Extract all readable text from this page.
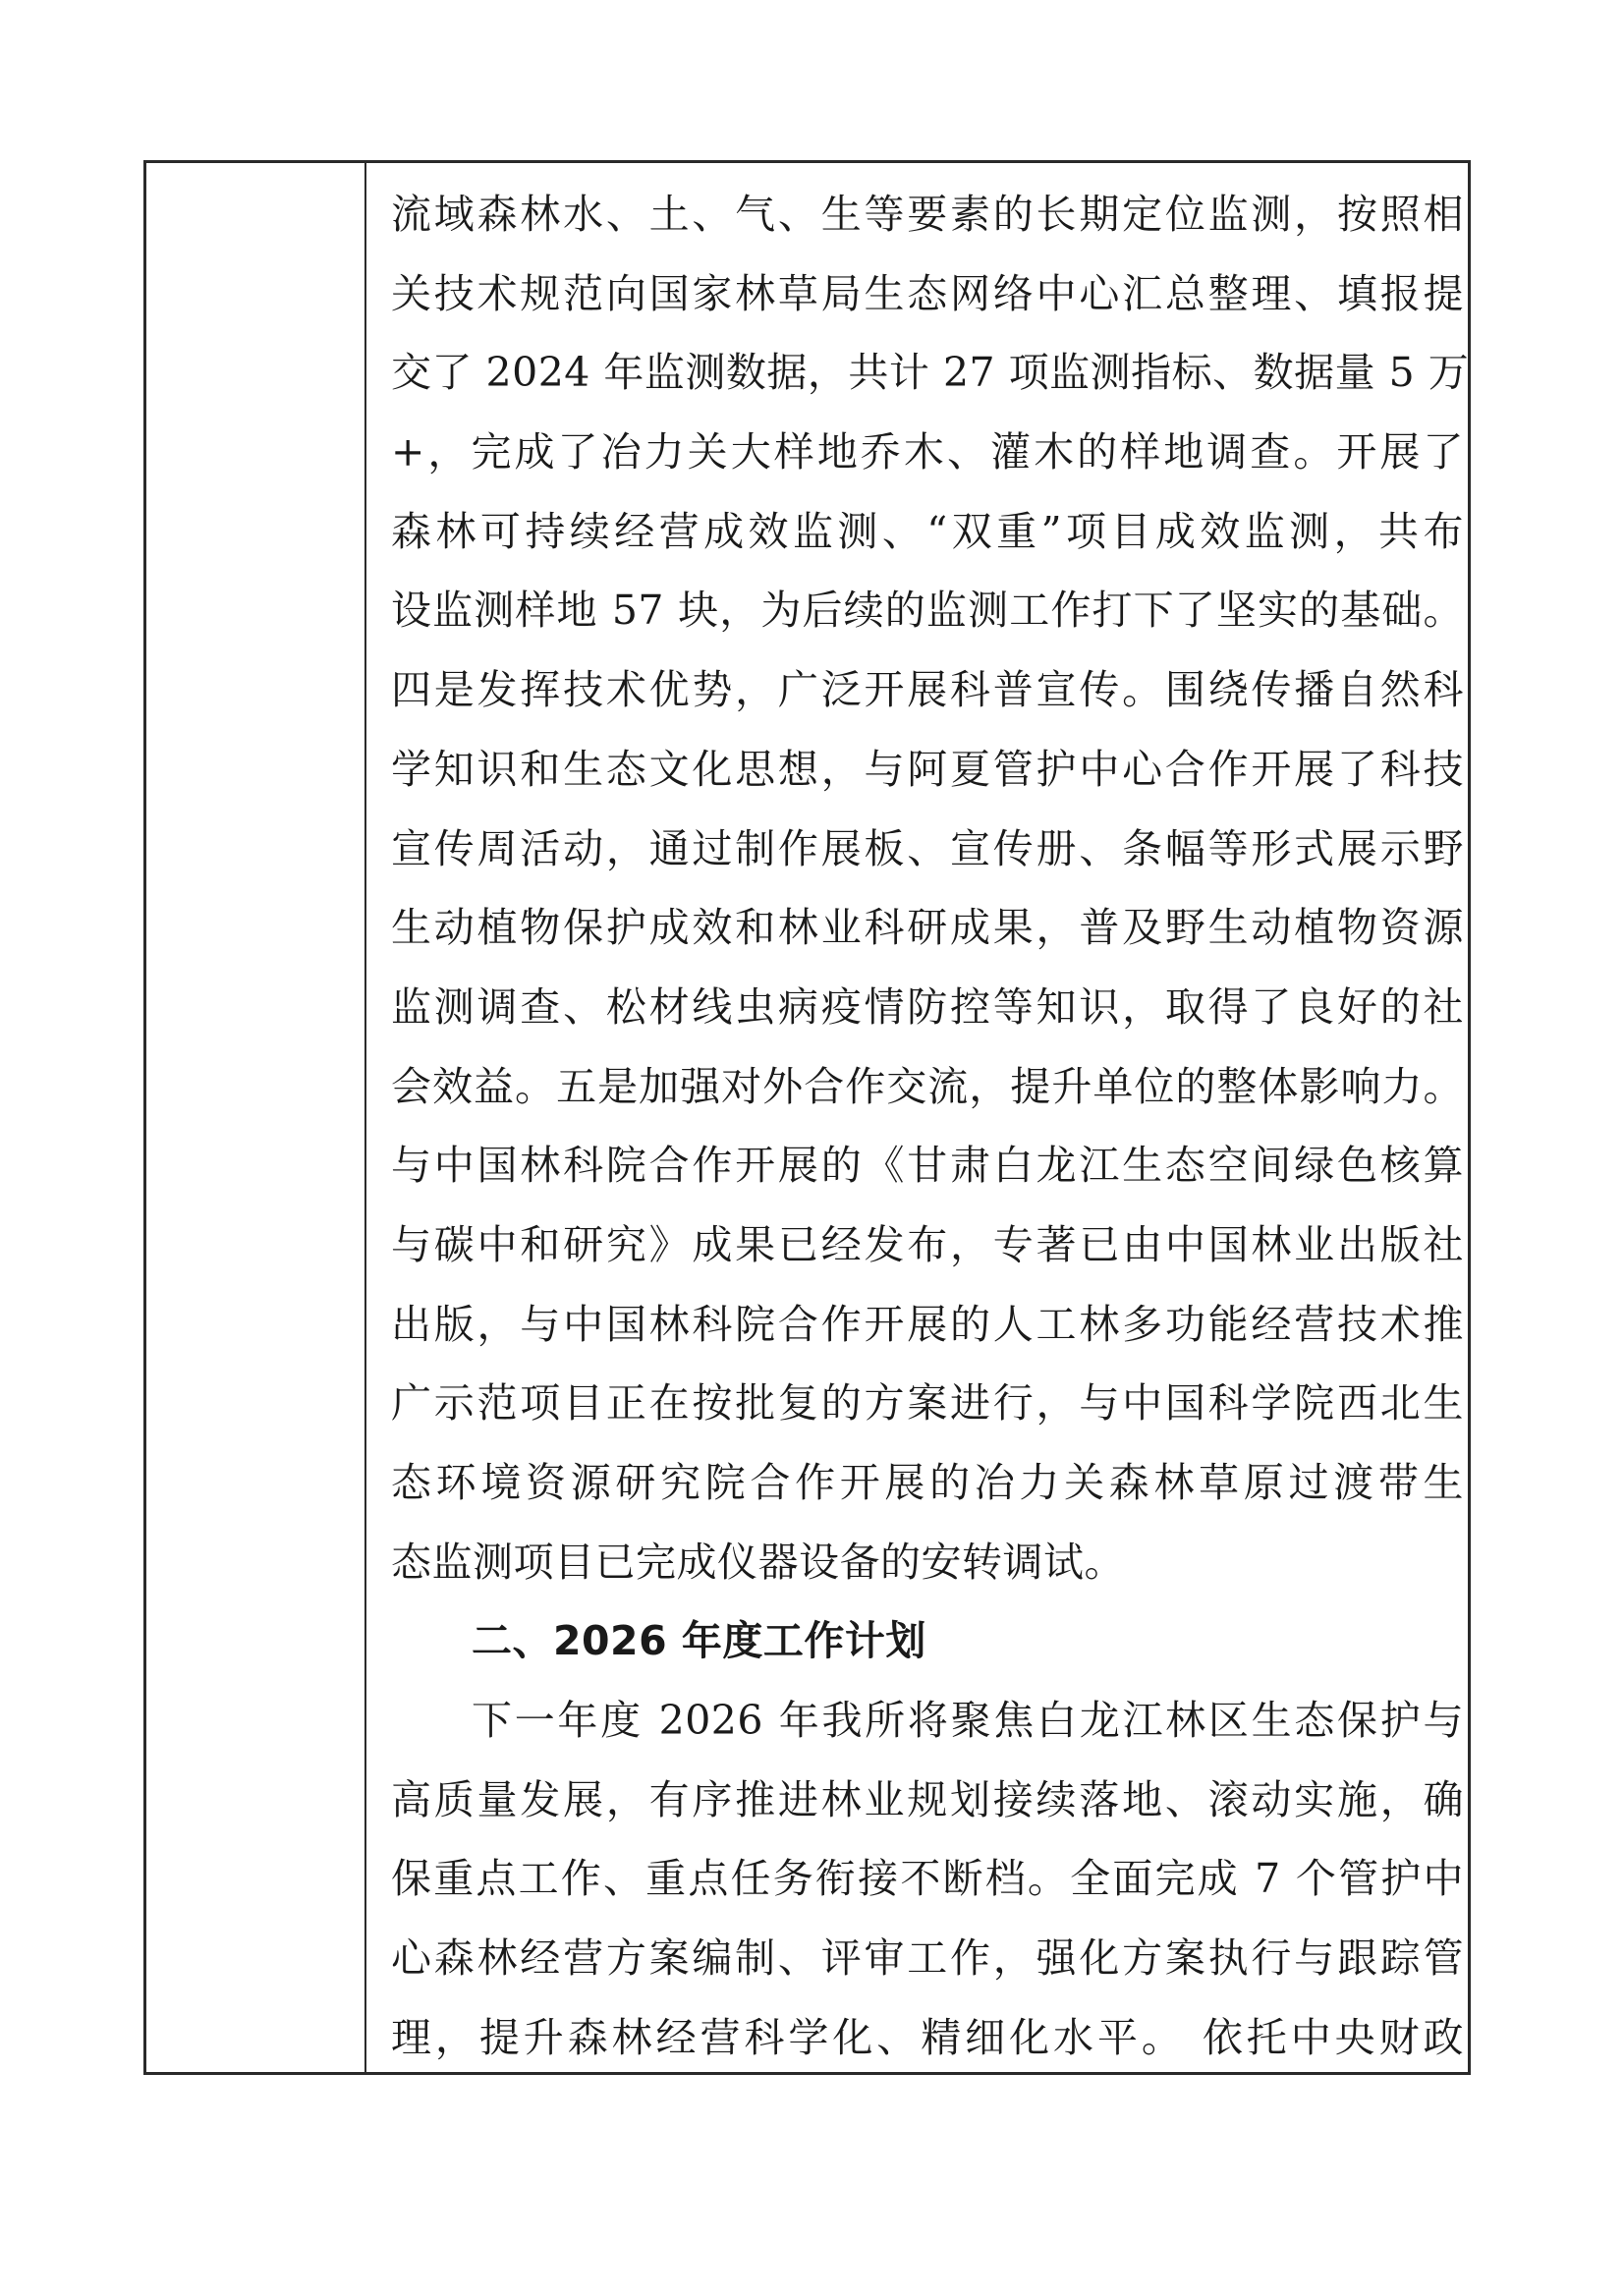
流域森林水、土、气、生等要素的长期定位监测，按照相
关技术规范向国家林草局生态网络中心汇总整理、填报提
交了 2024 年监测数据，共计 27 项监测指标、数据量 5 万
+，完成了冶力关大样地乔木、灌木的样地调查。开展了
森林可持续经营成效监测、“双重”项目成效监测，共布
设监测样地 57 块，为后续的监测工作打下了坚实的基础。
四是发挥技术优势，广泛开展科普宣传。围绕传播自然科
学知识和生态文化思想，与阿夏管护中心合作开展了科技
宣传周活动，通过制作展板、宣传册、条幅等形式展示野
生动植物保护成效和林业科研成果，普及野生动植物资源
监测调查、松材线虫病疫情防控等知识，取得了良好的社
会效益。五是加强对外合作交流，提升单位的整体影响力。
与中国林科院合作开展的《甘肃白龙江生态空间绿色核算
与碳中和研究》成果已经发布，专著已由中国林业出版社
出版，与中国林科院合作开展的人工林多功能经营技术推
广示范项目正在按批复的方案进行，与中国科学院西北生
态环境资源研究院合作开展的冶力关森林草原过渡带生
态监测项目已完成仪器设备的安转调试。
二、2026 年度工作计划
下一年度 2026 年我所将聚焦白龙江林区生态保护与
高质量发展，有序推进林业规划接续落地、滚动实施，确
保重点工作、重点任务衔接不断档。全面完成 7 个管护中
心森林经营方案编制、评审工作，强化方案执行与跟踪管
理，提升森林经营科学化、精细化水平。 依托中央财政
